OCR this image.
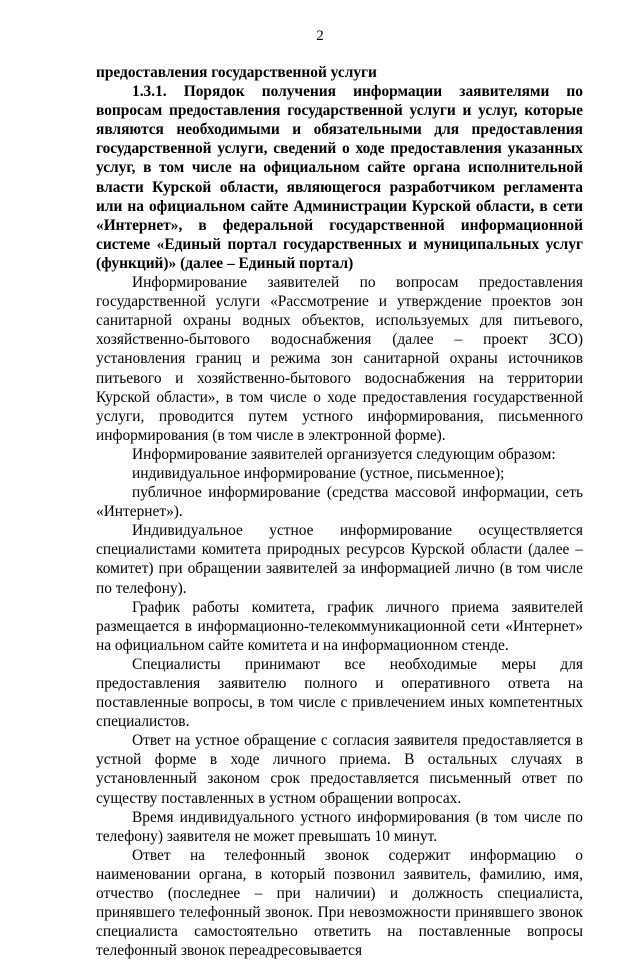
2

предоставления государственной услуги

1.3.1. Порядок получения информации заявителями по вопросам предоставления государственной услуги и услуг, которые являются необходимыми и обязательными для предоставления государственной услуги, сведений о ходе предоставления указанных услуг, в том числе на официальном сайте органа исполнительной власти Курской области, являющегося разработчиком регламента или на официальном сайте Администрации Курской области, в сети «Интернет», в федеральной государственной информационной системе «Единый портал государственных и муниципальных услуг (функций)» (далее – Единый портал)

Информирование заявителей по вопросам предоставления государственной услуги «Рассмотрение и утверждение проектов зон санитарной охраны водных объектов, используемых для питьевого, хозяйственно-бытового водоснабжения (далее – проект ЗСО) установления границ и режима зон санитарной охраны источников питьевого и хозяйственно-бытового водоснабжения на территории Курской области», в том числе о ходе предоставления государственной услуги, проводится путем устного информирования, письменного информирования (в том числе в электронной форме).

Информирование заявителей организуется следующим образом:

индивидуальное информирование (устное, письменное);

публичное информирование (средства массовой информации, сеть «Интернет»).

Индивидуальное устное информирование осуществляется специалистами комитета природных ресурсов Курской области (далее – комитет) при обращении заявителей за информацией лично (в том числе по телефону).

График работы комитета, график личного приема заявителей размещается в информационно-телекоммуникационной сети «Интернет» на официальном сайте комитета и на информационном стенде.

Специалисты принимают все необходимые меры для предоставления заявителю полного и оперативного ответа на поставленные вопросы, в том числе с привлечением иных компетентных специалистов.

Ответ на устное обращение с согласия заявителя предоставляется в устной форме в ходе личного приема. В остальных случаях в установленный законом срок предоставляется письменный ответ по существу поставленных в устном обращении вопросах.

Время индивидуального устного информирования (в том числе по телефону) заявителя не может превышать 10 минут.

Ответ на телефонный звонок содержит информацию о наименовании органа, в который позвонил заявитель, фамилию, имя, отчество (последнее – при наличии) и должность специалиста, принявшего телефонный звонок. При невозможности принявшего звонок специалиста самостоятельно ответить на поставленные вопросы телефонный звонок переадресовывается
